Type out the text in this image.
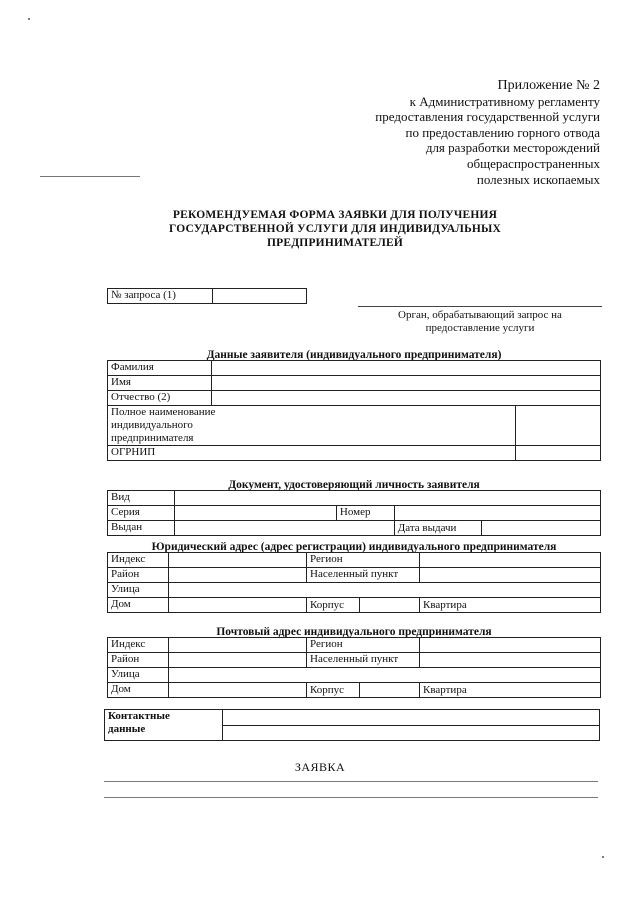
Приложение № 2
к Административному регламенту
предоставления государственной услуги
по предоставлению горного отвода
для разработки месторождений
общераспространенных
полезных ископаемых
РЕКОМЕНДУЕМАЯ ФОРМА ЗАЯВКИ ДЛЯ ПОЛУЧЕНИЯ
ГОСУДАРСТВЕННОЙ УСЛУГИ ДЛЯ ИНДИВИДУАЛЬНЫХ
ПРЕДПРИНИМАТЕЛЕЙ
№ запроса (1)	
Орган, обрабатывающий запрос на
предоставление услуги
Данные заявителя (индивидуального предпринимателя)
Фамилия		
Имя		
Отчество (2)		

Полное наименование
индивидуального
предпринимателя		

ОГРНИП		
Документ, удостоверяющий личность заявителя
Вид				
Серия		Номер		
Выдан			Дата выдачи	
Юридический адрес (адрес регистрации) индивидуального предпринимателя
Индекс		Регион		
Район		Населенный пункт		
Улица				
Дом		Корпус		Квартира
Почтовый адрес индивидуального предпринимателя
Индекс		Регион		
Район		Населенный пункт		
Улица				
Дом		Корпус		Квартира
Контактные
данные

ЗАЯВКА
